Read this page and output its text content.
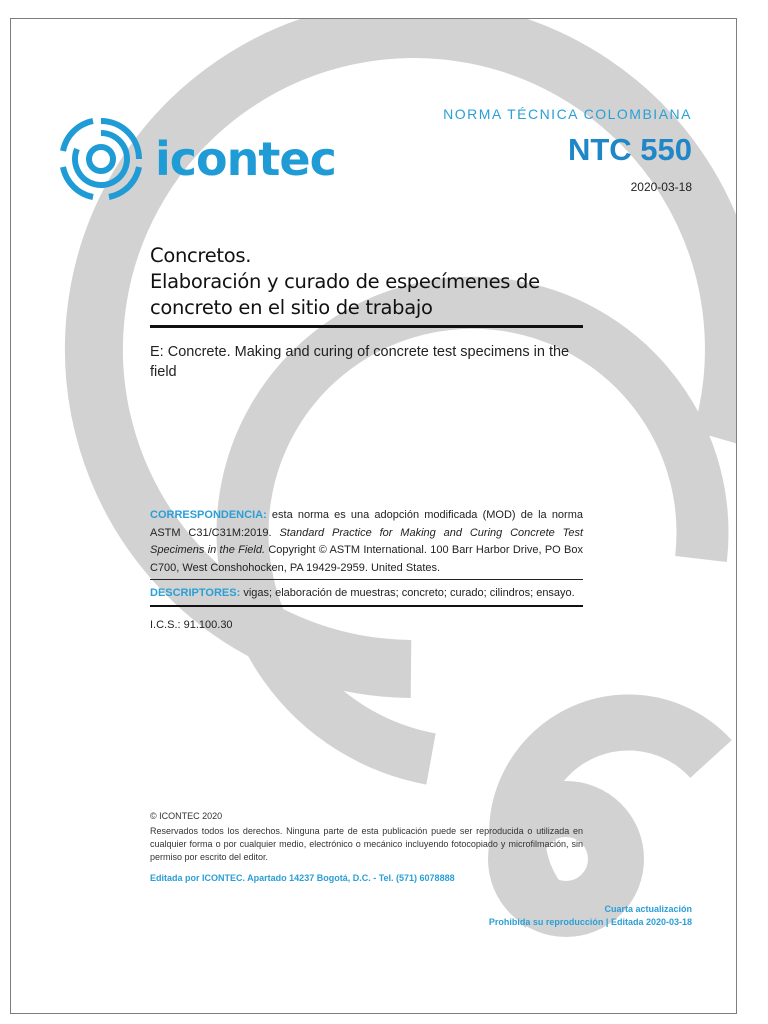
icontec
NORMA TÉCNICA COLOMBIANA
NTC 550
2020-03-18
Concretos.
Elaboración y curado de especímenes de
concreto en el sitio de trabajo
E: Concrete. Making and curing of concrete test specimens in the field
CORRESPONDENCIA: esta norma es una adopción modificada (MOD) de la norma ASTM C31/C31M:2019. Standard Practice for Making and Curing Concrete Test Specimens in the Field. Copyright © ASTM International. 100 Barr Harbor Drive, PO Box C700, West Conshohocken, PA 19429-2959. United States.
DESCRIPTORES: vigas; elaboración de muestras; concreto; curado; cilindros; ensayo.
I.C.S.: 91.100.30
© ICONTEC 2020
Reservados todos los derechos. Ninguna parte de esta publicación puede ser reproducida o utilizada en cualquier forma o por cualquier medio, electrónico o mecánico incluyendo fotocopiado y microfilmación, sin permiso por escrito del editor.
Editada por ICONTEC. Apartado 14237 Bogotá, D.C. - Tel. (571) 6078888
Cuarta actualización
Prohibida su reproducción | Editada 2020-03-18
